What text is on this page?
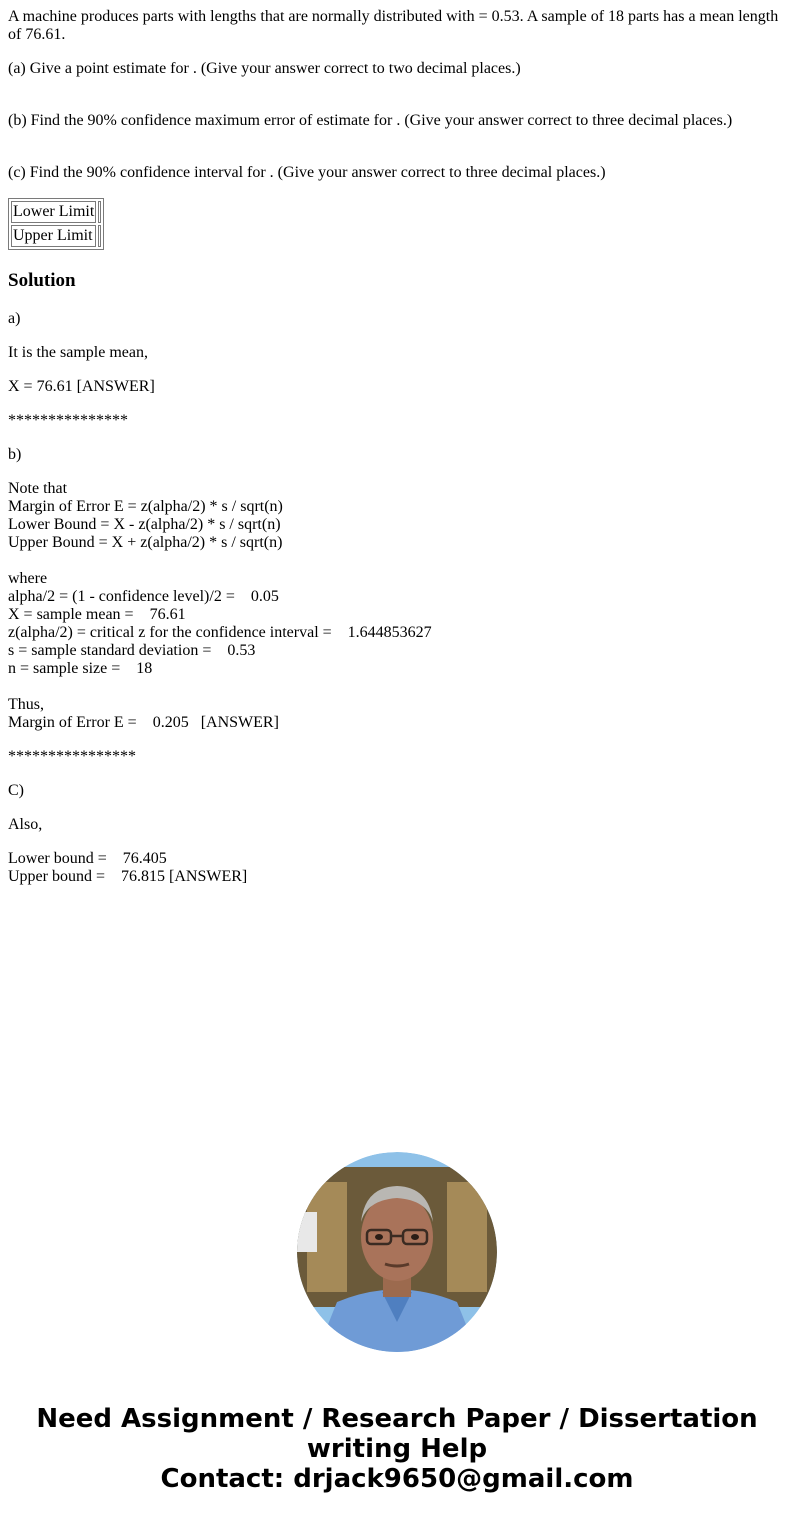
A machine produces parts with lengths that are normally distributed with = 0.53. A sample of 18 parts has a mean length of 76.61.

(a) Give a point estimate for . (Give your answer correct to two decimal places.)

(b) Find the 90% confidence maximum error of estimate for . (Give your answer correct to three decimal places.)

(c) Find the 90% confidence interval for . (Give your answer correct to three decimal places.)

Lower Limit	
Upper Limit	
Solution

a)

It is the sample mean,

X = 76.61 [ANSWER]

***************

b)

Note that
Margin of Error E = z(alpha/2) * s / sqrt(n)
Lower Bound = X - z(alpha/2) * s / sqrt(n)
Upper Bound = X + z(alpha/2) * s / sqrt(n)
where
alpha/2 = (1 - confidence level)/2 =    0.05
X = sample mean =    76.61
z(alpha/2) = critical z for the confidence interval =    1.644853627
s = sample standard deviation =    0.53
n = sample size =    18
Thus,
Margin of Error E =    0.205   [ANSWER]

****************

C)

Also,

Lower bound =    76.405
Upper bound =    76.815 [ANSWER]
Need Assignment / Research Paper / Dissertation
writing Help
Contact: drjack9650@gmail.com
